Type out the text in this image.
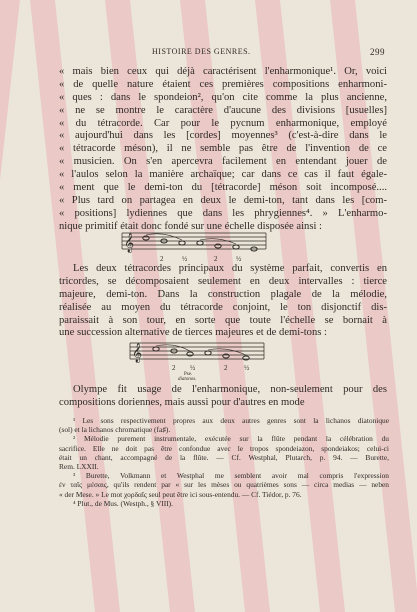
HISTOIRE DES GENRES.	299
« mais bien ceux qui déjà caractérisent l'enharmonique¹. Or, voici
« de quelle nature étaient ces premières compositions enharmoni-
« ques : dans le spondeion², qu'on cite comme la plus ancienne,
« ne se montre le caractère d'aucune des divisions [usuelles]
« du tétracorde. Car pour le pycnum enharmonique, employé
« aujourd'hui dans les [cordes] moyennes³ (c'est-à-dire dans le
« tétracorde méson), il ne semble pas être de l'invention de ce
« musicien. On s'en apercevra facilement en entendant jouer de
« l'aulos selon la manière archaïque; car dans ce cas il faut égale-
« ment que le demi-ton du [tétracorde] méson soit incomposé....
« Plus tard on partagea en deux le demi-ton, tant dans les [com-
« positions] lydiennes que dans les phrygiennes⁴. » L'enharmo-
nique primitif était donc fondé sur une échelle disposée ainsi :
𝄞
2	½	2	½
Les deux tétracordes principaux du système parfait, convertis en
tricordes, se décomposaient seulement en deux intervalles : tierce
majeure, demi-ton. Dans la construction plagale de la mélodie,
réalisée au moyen du tétracorde conjoint, le ton disjonctif dis-
paraissait à son tour, en sorte que toute l'échelle se bornait à
une succession alternative de tierces majeures et de demi-tons :
𝄞
2 ½	2 ½
Pse.
diatonos.
Olympe fit usage de l'enharmonique, non-seulement pour des
compositions doriennes, mais aussi pour d'autres en mode
¹ Les sons respectivement propres aux deux autres genres sont la lichanos diatonique
(sol) et la lichanos chromatique (fa♯).
² Mélodie purement instrumentale, exécutée sur la flûte pendant la célébration du
sacrifice. Elle ne doit pas être confondue avec le tropos spondeiazon, spondeiakos; celui-ci
était un chant, accompagné de la flûte. — Cf. Westphal, Plutarch, p. 94. — Burette,
Rem. LXXII.
³ Burette, Volkmann et Westphal me semblent avoir mal compris l'expression
ἐν ταῖς μέσαις, qu'ils rendent par « sur les mèses ou quatrièmes sons — circa medias — neben
« der Mese. » Le mot χορδαῖς seul peut être ici sous-entendu. — Cf. Tiédor, p. 76.
⁴ Plut., de Mus. (Westph., § VIII).
